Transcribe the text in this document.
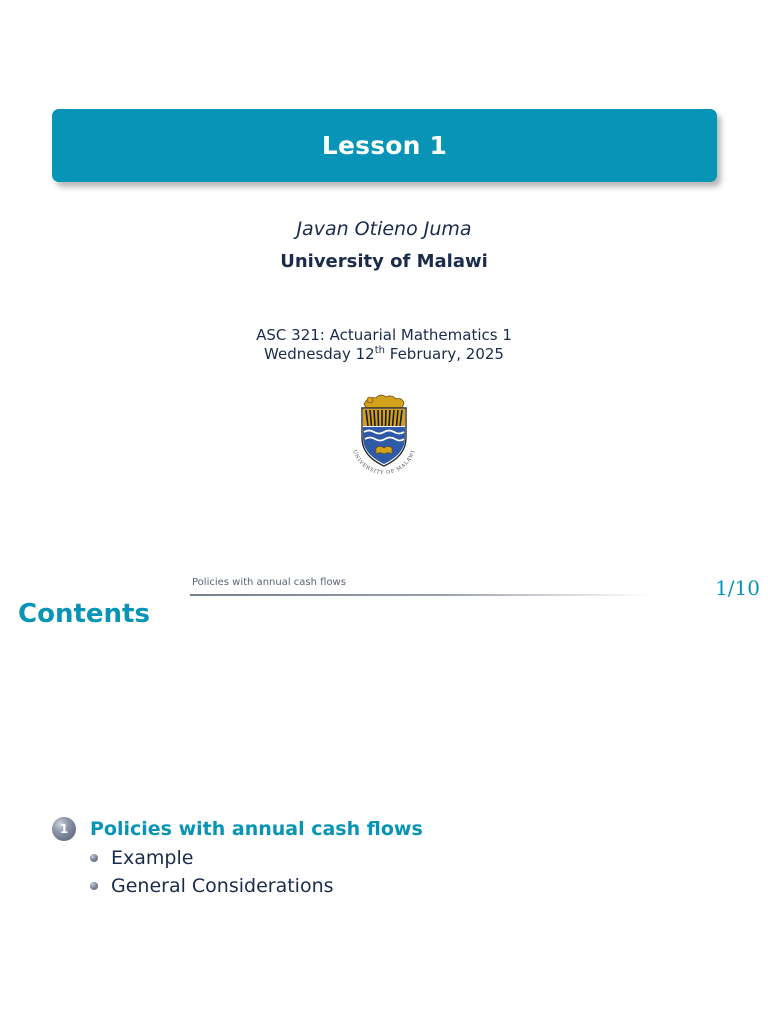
Lesson 1
Javan Otieno Juma
University of Malawi
ASC 321: Actuarial Mathematics 1
Wednesday 12th February, 2025
UNIVERSITY OF MALAWI
Policies with annual cash flows	1/10
Contents
1	Policies with annual cash flows
Example
General Considerations
